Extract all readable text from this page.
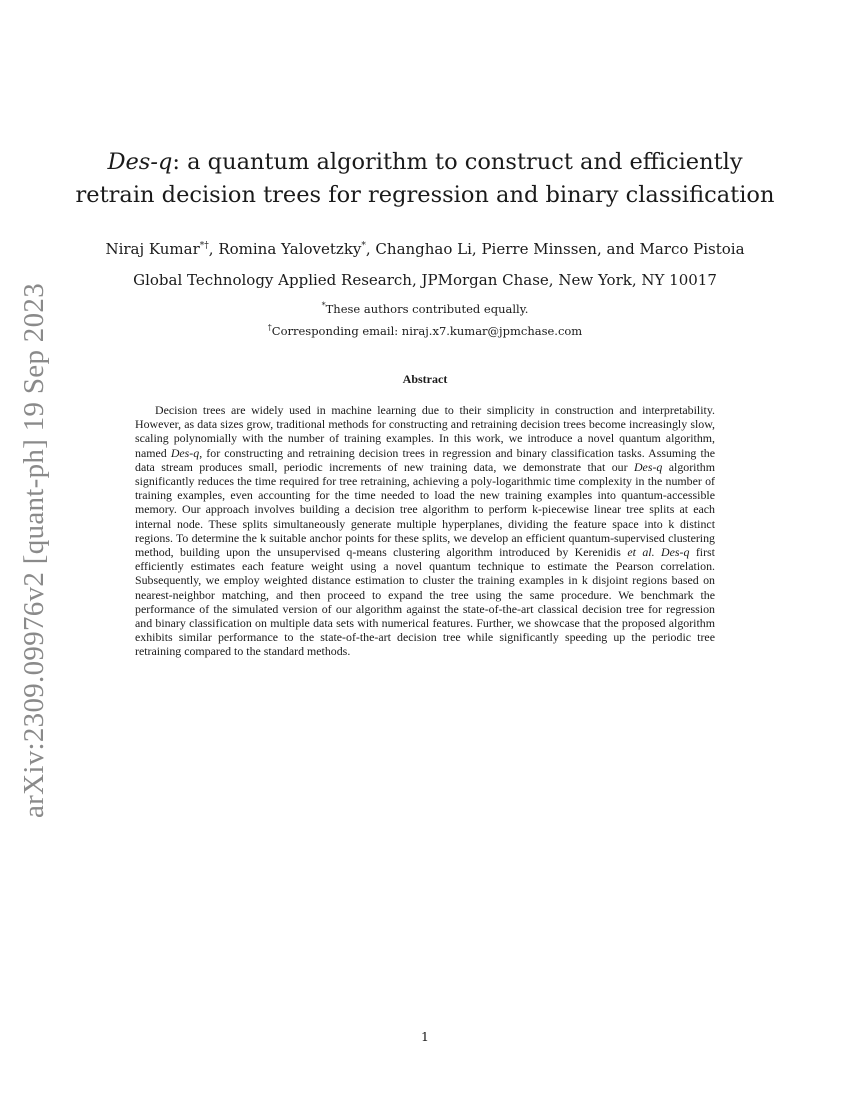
arXiv:2309.09976v2 [quant-ph] 19 Sep 2023
Des-q: a quantum algorithm to construct and efficiently
retrain decision trees for regression and binary classification
Niraj Kumar*†, Romina Yalovetzky*, Changhao Li, Pierre Minssen, and Marco Pistoia
Global Technology Applied Research, JPMorgan Chase, New York, NY 10017
*These authors contributed equally.
†Corresponding email: niraj.x7.kumar@jpmchase.com
Abstract

Decision trees are widely used in machine learning due to their simplicity in construction and interpretability. However, as data sizes grow, traditional methods for constructing and retraining decision trees become increasingly slow, scaling polynomially with the number of training examples. In this work, we introduce a novel quantum algorithm, named Des-q, for constructing and retraining decision trees in regression and binary classification tasks. Assuming the data stream produces small, periodic increments of new training data, we demonstrate that our Des-q algorithm significantly reduces the time required for tree retraining, achieving a poly-logarithmic time complexity in the number of training examples, even accounting for the time needed to load the new training examples into quantum-accessible memory. Our approach involves building a decision tree algorithm to perform k-piecewise linear tree splits at each internal node. These splits simultaneously generate multiple hyperplanes, dividing the feature space into k distinct regions. To determine the k suitable anchor points for these splits, we develop an efficient quantum-supervised clustering method, building upon the unsupervised q-means clustering algorithm introduced by Kerenidis et al. Des-q first efficiently estimates each feature weight using a novel quantum technique to estimate the Pearson correlation. Subsequently, we employ weighted distance estimation to cluster the training examples in k disjoint regions based on nearest-neighbor matching, and then proceed to expand the tree using the same procedure. We benchmark the performance of the simulated version of our algorithm against the state-of-the-art classical decision tree for regression and binary classification on multiple data sets with numerical features. Further, we showcase that the proposed algorithm exhibits similar performance to the state-of-the-art decision tree while significantly speeding up the periodic tree retraining compared to the standard methods.

1
